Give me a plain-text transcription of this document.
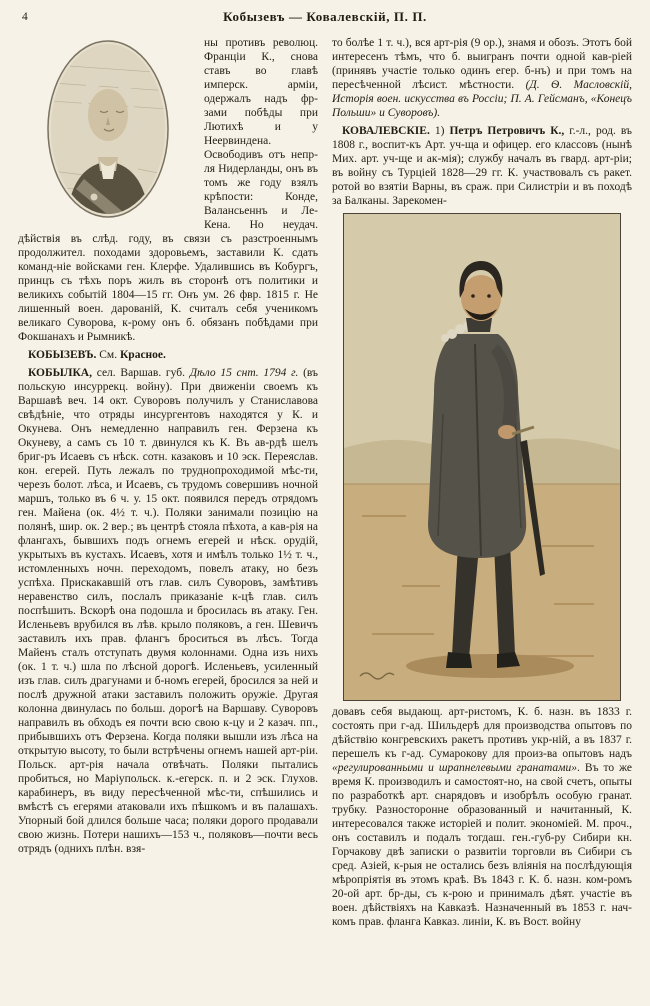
4	Кобызевъ — Ковалевскій, П. П.

ны противъ революц. Франціи К., снова ставъ во главѣ имперск. арміи, одержалъ надъ фр-зами побѣды при Лютихѣ и у Неервиндена. Освободивъ отъ непр-ля Нидерланды, онъ въ томъ же году взялъ крѣпости: Конде, Валансьеннъ и Ле-Кена. Но неудач. дѣйствія въ слѣд. году, въ связи съ разстроеннымъ продолжител. походами здоровьемъ, заставили К. сдать команд-ніе войсками ген. Клерфе. Удалившись въ Кобургъ, принцъ съ тѣхъ поръ жилъ въ сторонѣ отъ политики и великихъ событій 1804—15 гг. Онъ ум. 26 фвр. 1815 г. Не лишенный воен. дарованій, К. считалъ себя ученикомъ великаго Суворова, к-рому онъ б. обязанъ побѣдами при Фокшанахъ и Рымникѣ.

КОБЫЗЕВЪ. См. Красное.

КОБЫЛКА, сел. Варшав. губ. Дѣло 15 снт. 1794 г. (въ польскую инсуррекц. войну). При движеніи своемъ къ Варшавѣ веч. 14 окт. Суворовъ получилъ у Станиславова свѣдѣніе, что отряды инсургентовъ находятся у К. и Окунева. Онъ немедленно направилъ ген. Ферзена къ Окуневу, а самъ съ 10 т. двинулся къ К. Въ ав-рдѣ шелъ бриг-ръ Исаевъ съ нѣск. сотн. казаковъ и 10 эск. Переяслав. кон. егерей. Путь лежалъ по труднопроходимой мѣс-ти, черезъ болот. лѣса, и Исаевъ, съ трудомъ совершивъ ночной маршъ, только въ 6 ч. у. 15 окт. появился передъ отрядомъ ген. Майена (ок. 4½ т. ч.). Поляки занимали позицію на полянѣ, шир. ок. 2 вер.; въ центрѣ стояла пѣхота, а кав-рія на флангахъ, бывшихъ подъ огнемъ егерей и нѣск. орудій, укрытыхъ въ кустахъ. Исаевъ, хотя и имѣлъ только 1½ т. ч., истомленныхъ ночн. переходомъ, повелъ атаку, но безъ успѣха. Прискакавшій отъ глав. силъ Суворовъ, замѣтивъ неравенство силъ, послалъ приказаніе к-цѣ глав. силъ поспѣшить. Вскорѣ она подошла и бросилась въ атаку. Ген. Исленьевъ врубился въ лѣв. крыло поляковъ, а ген. Шевичъ заставилъ ихъ прав. флангъ броситься въ лѣсъ. Тогда Майенъ сталъ отступать двумя колоннами. Одна изъ нихъ (ок. 1 т. ч.) шла по лѣсной дорогѣ. Исленьевъ, усиленный изъ глав. силъ драгунами и б-номъ егерей, бросился за ней и послѣ дружной атаки заставилъ положить оружіе. Другая колонна двинулась по больш. дорогѣ на Варшаву. Суворовъ направилъ въ обходъ ея почти всю свою к-цу и 2 казач. пп., прибывшихъ отъ Ферзена. Когда поляки вышли изъ лѣса на открытую высоту, то были встрѣчены огнемъ нашей арт-ріи. Польск. арт-рія начала отвѣчать. Поляки пытались пробиться, но Маріупольск. к.-егерск. п. и 2 эск. Глухов. карабинеръ, въ виду пересѣченной мѣс-ти, спѣшились и вмѣстѣ съ егерями атаковали ихъ пѣшкомъ и въ палашахъ. Упорный бой длился больше часа; поляки дорого продавали свою жизнь. Потери нашихъ—153 ч., поляковъ—почти весь отрядъ (однихъ плѣн. взя-

то болѣе 1 т. ч.), вся арт-рія (9 ор.), знамя и обозъ. Этотъ бой интересенъ тѣмъ, что б. выигранъ почти одной кав-ріей (принявъ участіе только одинъ егер. б-нъ) и при томъ на пересѣченной лѣсист. мѣстности. (Д. Ѳ. Масловскій, Исторія воен. искусства въ Россіи; П. А. Гейсманъ, «Конецъ Польши» и Суворовъ).

КОВАЛЕВСКІЕ. 1) Петръ Петровичъ К., г.-л., род. въ 1808 г., воспит-къ Арт. уч-ща и офицер. его классовъ (нынѣ Мих. арт. уч-ще и ак-мія); службу началъ въ гвард. арт-ріи; въ войну съ Турціей 1828—29 гг. К. участвовалъ съ ракет. ротой во взятіи Варны, въ сраж. при Силистріи и въ походѣ за Балканы. Зарекомен-

довавъ себя выдающ. арт-ристомъ, К. б. назн. въ 1833 г. состоять при г-ад. Шильдерѣ для производства опытовъ по дѣйствію конгревскихъ ракетъ противъ укр-ній, а въ 1837 г. перешелъ къ г-ад. Сумарокову для произ-ва опытовъ надъ «регулированными и шрапнелевыми гранатами». Въ то же время К. производилъ и самостоят-но, на свой счетъ, опыты по разработкѣ арт. снарядовъ и изобрѣлъ особую гранат. трубку. Разносторонне образованный и начитанный, К. интересовался также исторіей и полит. экономіей. М. проч., онъ составилъ и подалъ тогдаш. ген.-губ-ру Сибири кн. Горчакову двѣ записки о развитіи торговли въ Сибири съ сред. Азіей, к-рыя не остались безъ вліянія на послѣдующія мѣропріятія въ этомъ краѣ. Въ 1843 г. К. б. назн. ком-ромъ 20-ой арт. бр-ды, съ к-рою и принималъ дѣят. участіе въ воен. дѣйствіяхъ на Кавказѣ. Назначенный въ 1853 г. нач-комъ прав. фланга Кавказ. линіи, К. въ Вост. войну
